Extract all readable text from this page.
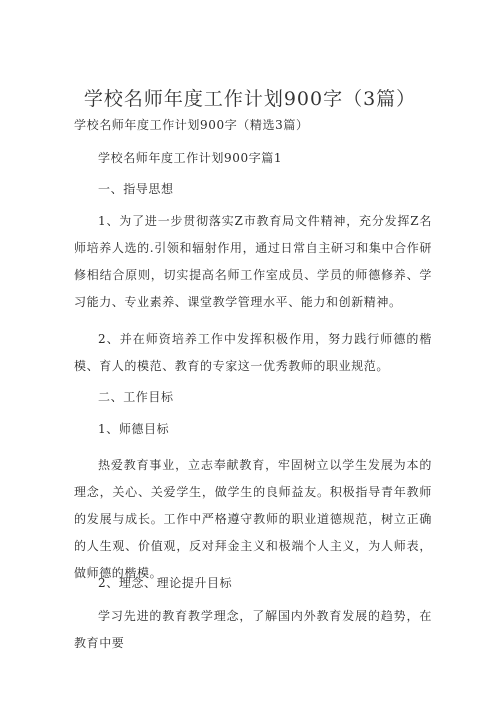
学校名师年度工作计划900字（3篇）
学校名师年度工作计划900字（精选3篇）
学校名师年度工作计划900字篇1
一、指导思想
1、为了进一步贯彻落实Z市教育局文件精神，充分发挥Z名师培养人选的.引领和辐射作用，通过日常自主研习和集中合作研修相结合原则，切实提高名师工作室成员、学员的师德修养、学习能力、专业素养、课堂教学管理水平、能力和创新精神。
2、并在师资培养工作中发挥积极作用，努力践行师德的楷模、育人的模范、教育的专家这一优秀教师的职业规范。
二、工作目标
1、师德目标
热爱教育事业，立志奉献教育，牢固树立以学生发展为本的理念，关心、关爱学生，做学生的良师益友。积极指导青年教师的发展与成长。工作中严格遵守教师的职业道德规范，树立正确的人生观、价值观，反对拜金主义和极端个人主义，为人师表，做师德的楷模。
2、理念、理论提升目标
学习先进的教育教学理念，了解国内外教育发展的趋势，在教育中要
